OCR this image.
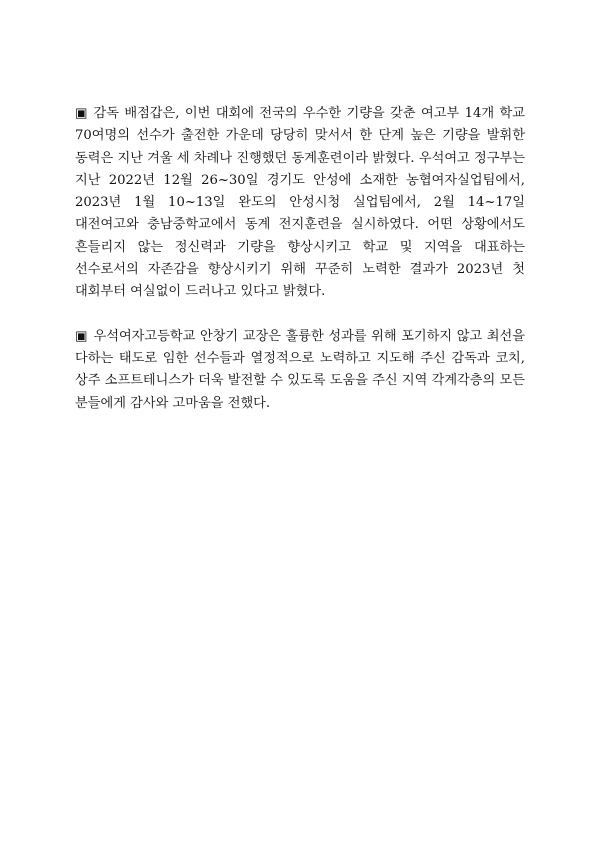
▣ 감독 배점갑은, 이번 대회에 전국의 우수한 기량을 갖춘 여고부 14개 학교 70여명의 선수가 출전한 가운데 당당히 맞서서 한 단계 높은 기량을 발휘한 동력은 지난 겨울 세 차례나 진행했던 동계훈련이라 밝혔다. 우석여고 정구부는 지난 2022년 12월 26~30일 경기도 안성에 소재한 농협여자실업팀에서, 2023년 1월 10~13일 완도의 안성시청 실업팀에서, 2월 14~17일 대전여고와 충남중학교에서 동계 전지훈련을 실시하였다. 어떤 상황에서도 흔들리지 않는 정신력과 기량을 향상시키고 학교 및 지역을 대표하는 선수로서의 자존감을 향상시키기 위해 꾸준히 노력한 결과가 2023년 첫 대회부터 여실없이 드러나고 있다고 밝혔다.

▣ 우석여자고등학교 안창기 교장은 훌륭한 성과를 위해 포기하지 않고 최선을 다하는 태도로 임한 선수들과 열정적으로 노력하고 지도해 주신 감독과 코치, 상주 소프트테니스가 더욱 발전할 수 있도록 도움을 주신 지역 각계각층의 모든 분들에게 감사와 고마움을 전했다.
